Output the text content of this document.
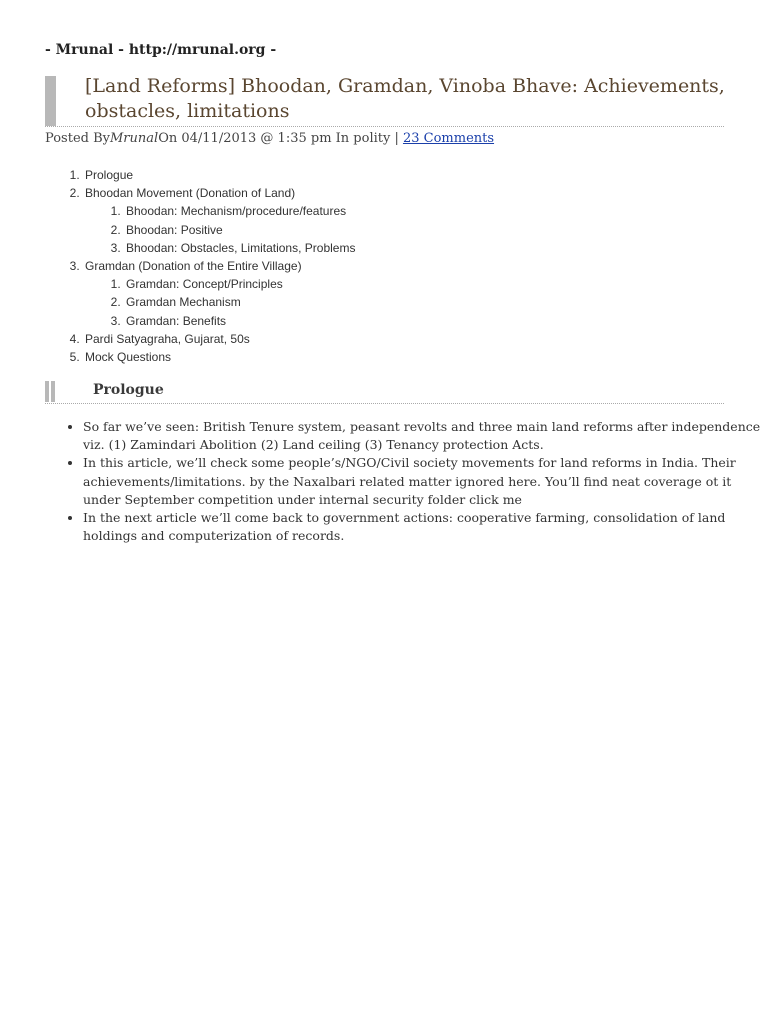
- Mrunal - http://mrunal.org -
[Land Reforms] Bhoodan, Gramdan, Vinoba Bhave: Achievements, obstacles, limitations
Posted ByMrunalOn 04/11/2013 @ 1:35 pm In polity | 23 Comments
1. Prologue
2. Bhoodan Movement (Donation of Land)
1. Bhoodan: Mechanism/procedure/features
2. Bhoodan: Positive
3. Bhoodan: Obstacles, Limitations, Problems
3. Gramdan (Donation of the Entire Village)
1. Gramdan: Concept/Principles
2. Gramdan Mechanism
3. Gramdan: Benefits
4. Pardi Satyagraha, Gujarat, 50s
5. Mock Questions
Prologue
• So far we’ve seen: British Tenure system, peasant revolts and three main land reforms after independence viz. (1) Zamindari Abolition (2) Land ceiling (3) Tenancy protection Acts.
• In this article, we’ll check some people’s/NGO/Civil society movements for land reforms in India. Their achievements/limitations. by the Naxalbari related matter ignored here. You’ll find neat coverage ot it under September competition under internal security folder click me
• In the next article we’ll come back to government actions: cooperative farming, consolidation of land holdings and computerization of records.
